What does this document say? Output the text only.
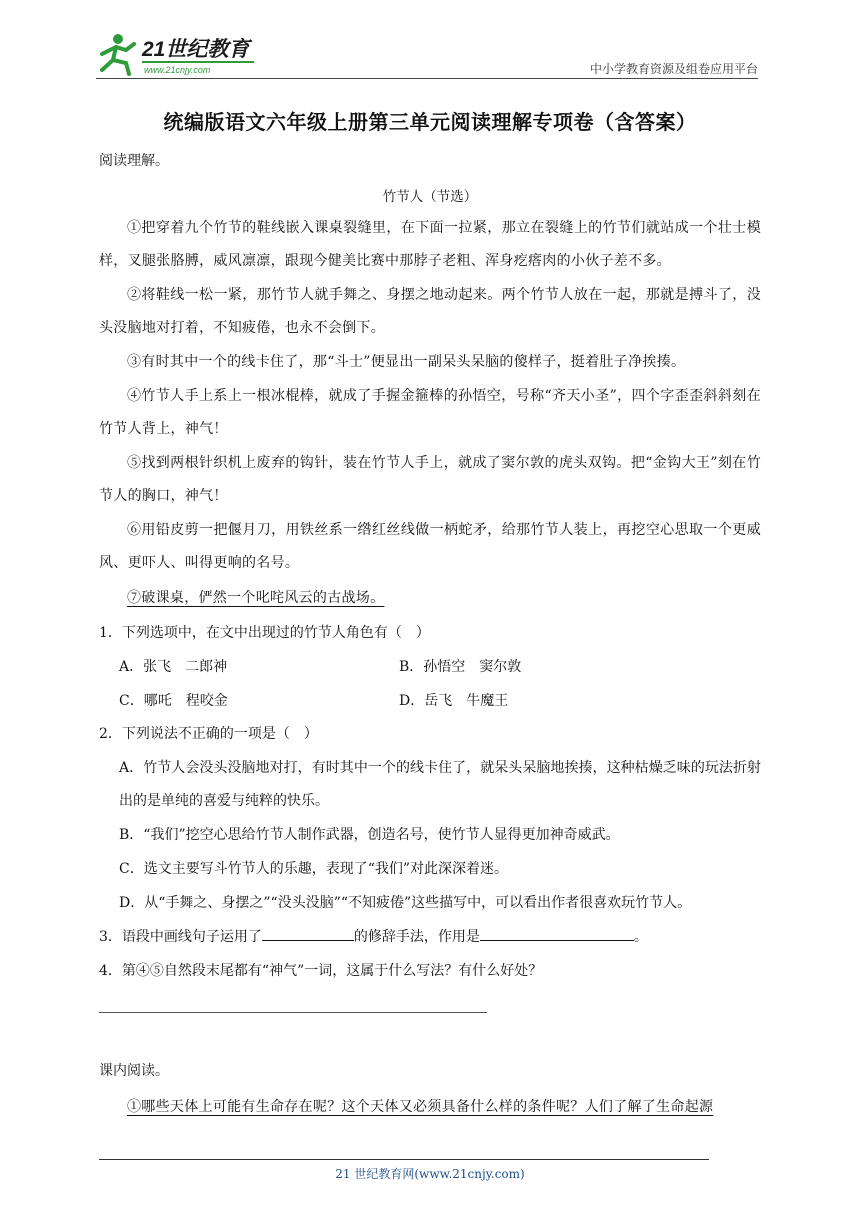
21世纪教育
www.21cnjy.com	中小学教育资源及组卷应用平台
统编版语文六年级上册第三单元阅读理解专项卷（含答案）
阅读理解。
竹节人（节选）
①把穿着九个竹节的鞋线嵌入课桌裂缝里，在下面一拉紧，那立在裂缝上的竹节们就站成一个壮士模样，叉腿张胳膊，威风凛凛，跟现今健美比赛中那脖子老粗、浑身疙瘩肉的小伙子差不多。
②将鞋线一松一紧，那竹节人就手舞之、身摆之地动起来。两个竹节人放在一起，那就是搏斗了，没头没脑地对打着，不知疲倦，也永不会倒下。
③有时其中一个的线卡住了，那“斗士”便显出一副呆头呆脑的傻样子，挺着肚子净挨揍。
④竹节人手上系上一根冰棍棒，就成了手握金箍棒的孙悟空，号称“齐天小圣”，四个字歪歪斜斜刻在竹节人背上，神气！
⑤找到两根针织机上废弃的钩针，装在竹节人手上，就成了窦尔敦的虎头双钩。把“金钩大王”刻在竹节人的胸口，神气！
⑥用铅皮剪一把偃月刀，用铁丝系一绺红丝线做一柄蛇矛，给那竹节人装上，再挖空心思取一个更威风、更吓人、叫得更响的名号。
⑦破课桌，俨然一个叱咤风云的古战场。
1．下列选项中，在文中出现过的竹节人角色有（　）
A．张飞　二郎神	B．孙悟空　窦尔敦
C．哪吒　程咬金	D．岳飞　牛魔王
2．下列说法不正确的一项是（　）
A．竹节人会没头没脑地对打，有时其中一个的线卡住了，就呆头呆脑地挨揍，这种枯燥乏味的玩法折射出的是单纯的喜爱与纯粹的快乐。
B．“我们”挖空心思给竹节人制作武器，创造名号，使竹节人显得更加神奇威武。
C．选文主要写斗竹节人的乐趣，表现了“我们”对此深深着迷。
D．从“手舞之、身摆之”“没头没脑”“不知疲倦”这些描写中，可以看出作者很喜欢玩竹节人。
3．语段中画线句子运用了	的修辞手法，作用是	。
4．第④⑤自然段末尾都有“神气”一词，这属于什么写法？有什么好处？
课内阅读。
①哪些天体上可能有生命存在呢？这个天体又必须具备什么样的条件呢？人们了解了生命起源
21 世纪教育网(www.21cnjy.com)
